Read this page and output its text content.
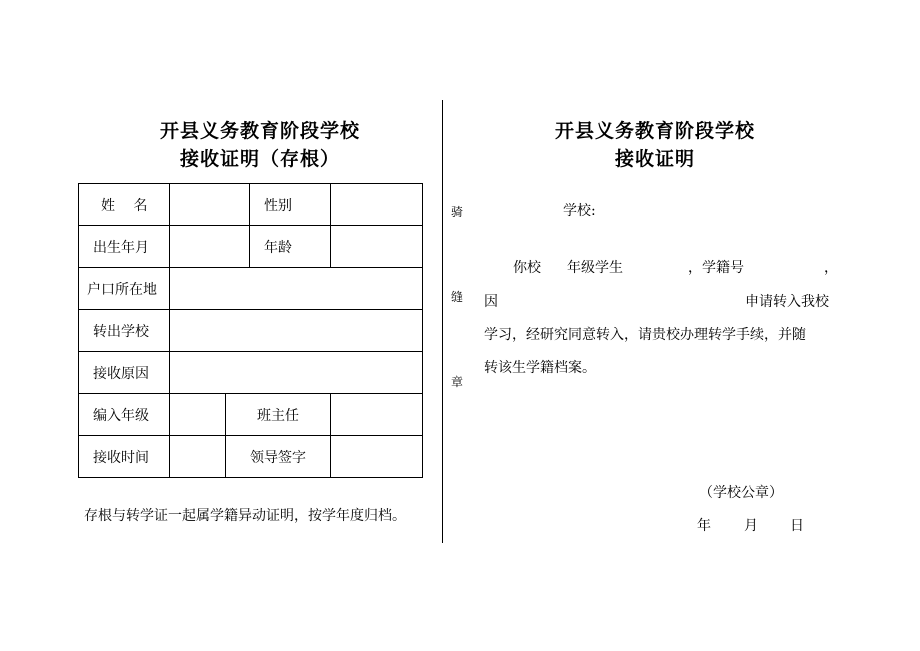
开县义务教育阶段学校
接收证明（存根）
姓　 名			性别	
出生年月			年龄	
户口所在地				
转出学校				
接收原因				
编入年级		班主任		
接收时间		领导签字		
存根与转学证一起属学籍异动证明，按学年度归档。
骑
缝
章
开县义务教育阶段学校
接收证明
学校:
你校 年级学生	，学籍号	，
因	申请转入我校
学习，经研究同意转入，请贵校办理转学手续，并随
转该生学籍档案。
（学校公章）
年 月 日
